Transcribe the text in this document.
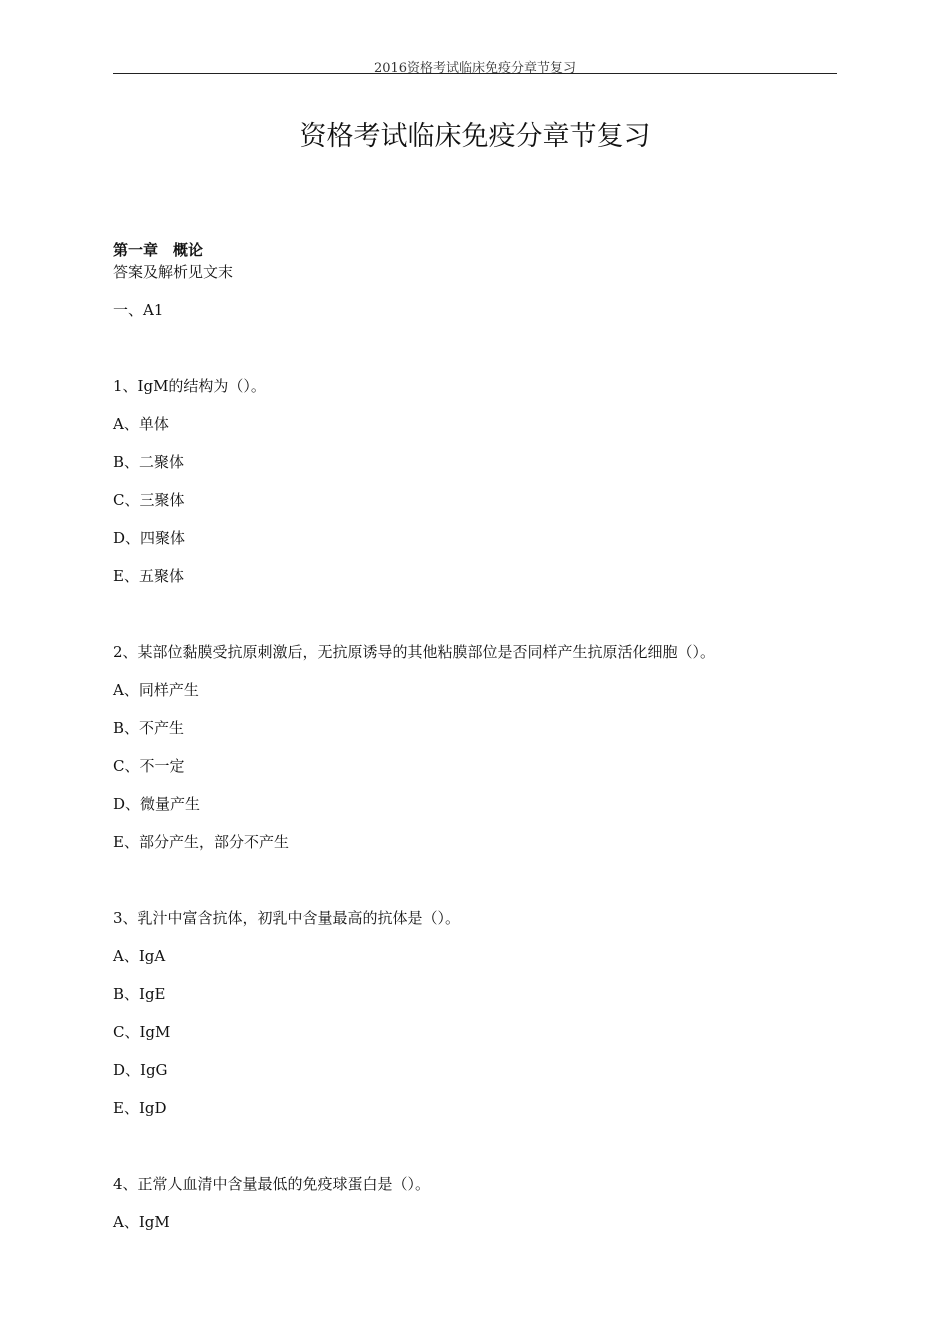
2016资格考试临床免疫分章节复习
资格考试临床免疫分章节复习
第一章　概论
答案及解析见文末
一、A1
1、IgM的结构为（）。
A、单体
B、二聚体
C、三聚体
D、四聚体
E、五聚体
2、某部位黏膜受抗原刺激后，无抗原诱导的其他粘膜部位是否同样产生抗原活化细胞（）。
A、同样产生
B、不产生
C、不一定
D、微量产生
E、部分产生，部分不产生
3、乳汁中富含抗体，初乳中含量最高的抗体是（）。
A、IgA
B、IgE
C、IgM
D、IgG
E、IgD
4、正常人血清中含量最低的免疫球蛋白是（）。
A、IgM
